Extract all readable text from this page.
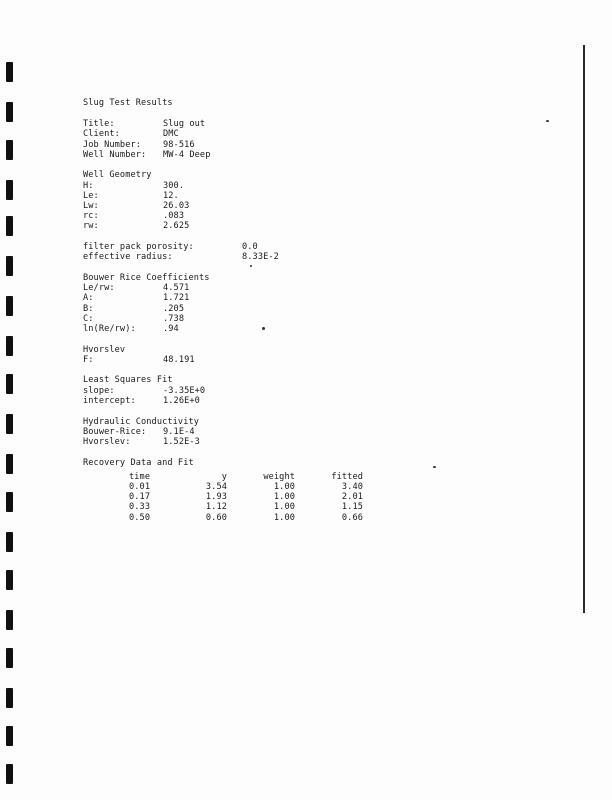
Slug Test Results
Title:	Slug out
Client:	DMC
Job Number:	98-516
Well Number:	MW-4 Deep
Well Geometry
H:	300.
Le:	12.
Lw:	26.03
rc:	.083
rw:	2.625
filter pack porosity:	0.0
effective radius:	8.33E-2
Bouwer Rice Coefficients
Le/rw:	4.571
A:	1.721
B:	.205
C:	.738
ln(Re/rw):	.94
Hvorslev
F:	48.191
Least Squares Fit
slope:	-3.35E+0
intercept:	1.26E+0
Hydraulic Conductivity
Bouwer-Rice:	9.1E-4
Hvorslev:	1.52E-3
Recovery Data and Fit
time	y	weight	fitted
0.01	3.54	1.00	3.40
0.17	1.93	1.00	2.01
0.33	1.12	1.00	1.15
0.50	0.60	1.00	0.66
